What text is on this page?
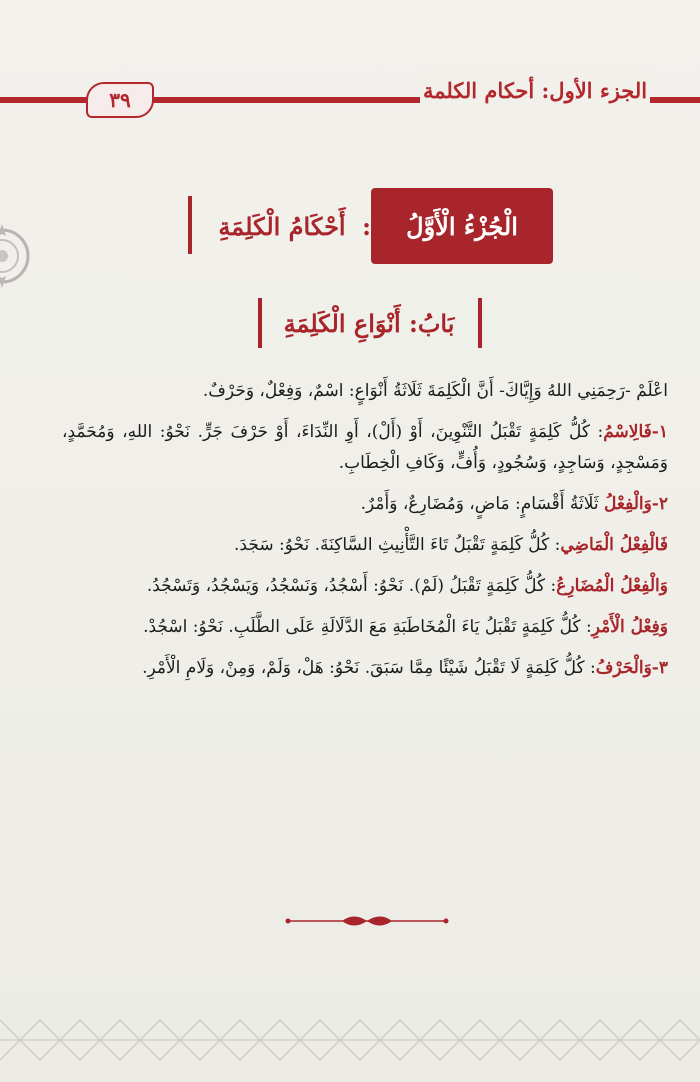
٣٩	الجزء الأول: أحكام الكلمة
الْجُزْءُ الْأَوَّلُ
:
أَحْكَامُ الْكَلِمَةِ
بَابُ: أَنْوَاعِ الْكَلِمَةِ

اعْلَمْ -رَحِمَنِي اللهُ وَإِيَّاكَ- أَنَّ الْكَلِمَةَ ثَلَاثَةُ أَنْوَاعٍ: اسْمٌ، وَفِعْلٌ، وَحَرْفٌ.

١-فَالِاسْمُ: كُلُّ كَلِمَةٍ تَقْبَلُ التَّنْوِينَ، أَوْ (أَلْ)، أَوِ النِّدَاءَ، أَوْ حَرْفَ جَرٍّ. نَحْوُ: اللهِ، وَمُحَمَّدٍ، وَمَسْجِدٍ، وَسَاجِدٍ، وَسُجُودٍ، وَأُفٍّ، وَكَافِ الْخِطَابِ.

٢-وَالْفِعْلُ ثَلَاثَةُ أَقْسَامٍ: مَاضٍ، وَمُضَارِعٌ، وَأَمْرٌ.

فَالْفِعْلُ الْمَاضِي: كُلُّ كَلِمَةٍ تَقْبَلُ تَاءَ التَّأْنِيثِ السَّاكِنَةَ. نَحْوُ: سَجَدَ.

وَالْفِعْلُ الْمُضَارِعُ: كُلُّ كَلِمَةٍ تَقْبَلُ (لَمْ). نَحْوُ: أَسْجُدُ، وَنَسْجُدُ، وَيَسْجُدُ، وَتَسْجُدُ.

وَفِعْلُ الْأَمْرِ: كُلُّ كَلِمَةٍ تَقْبَلُ يَاءَ الْمُخَاطَبَةِ مَعَ الدَّلَالَةِ عَلَى الطَّلَبِ. نَحْوُ: اسْجُدْ.

٣-وَالْحَرْفُ: كُلُّ كَلِمَةٍ لَا تَقْبَلُ شَيْئًا مِمَّا سَبَقَ. نَحْوُ: هَلْ، وَلَمْ، وَمِنْ، وَلَامِ الْأَمْرِ.
